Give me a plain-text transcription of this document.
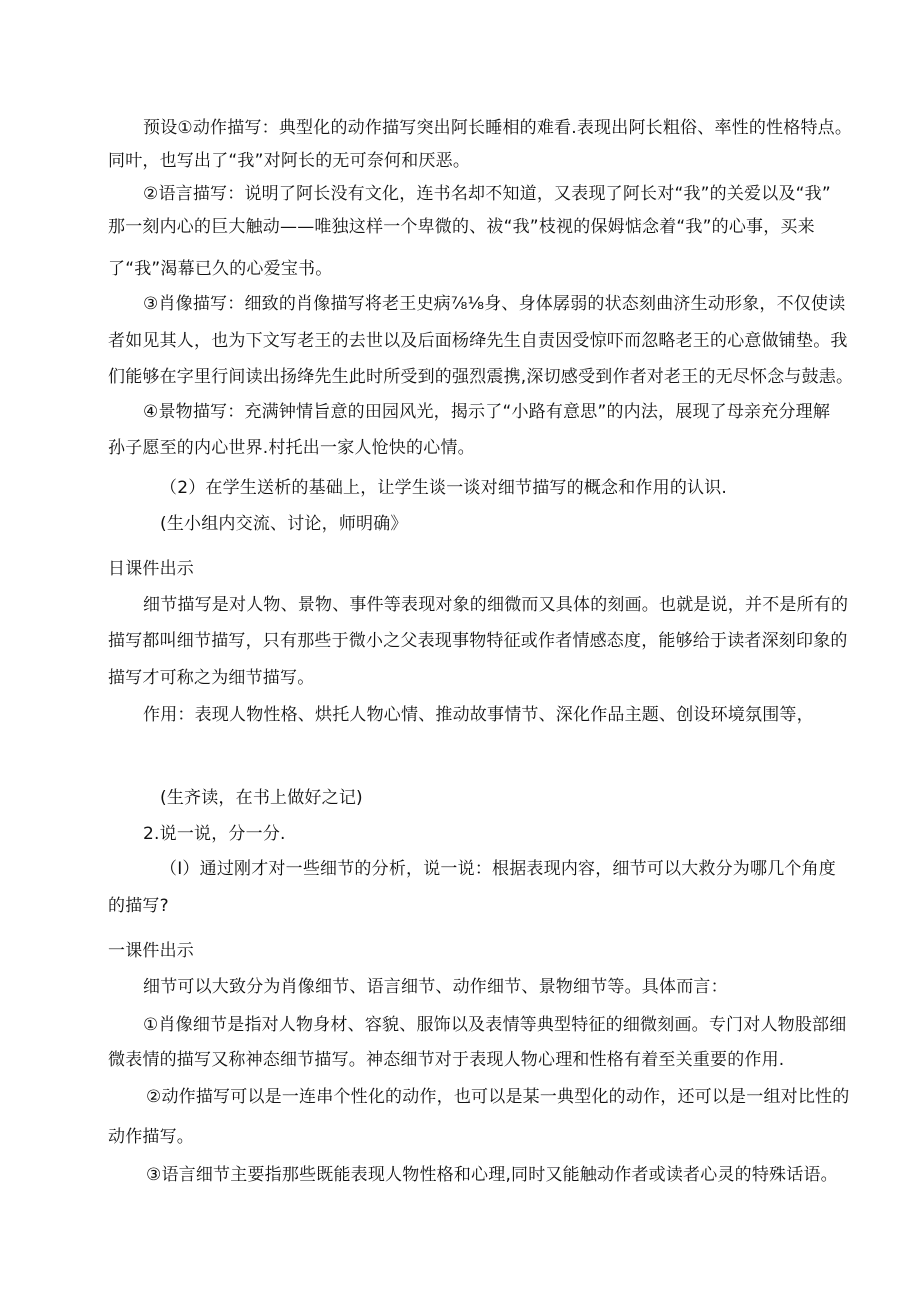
预设①动作描写：典型化的动作描写突出阿长睡相的难看.表现出阿长粗俗、率性的性格特点。
同叶，也写出了“我”对阿长的无可奈何和厌恶。
②语言描写：说明了阿长没有文化，连书名却不知道，又表现了阿长对“我”的关爱以及“我”
那一刻内心的巨大触动——唯独这样一个卑微的、祓“我”枝视的保姆惦念着“我”的心事，买来
了“我”渴幕已久的心爱宝书。
③肖像描写：细致的肖像描写将老王史病⅞⅛身、身体孱弱的状态刻曲济生动形象，不仅使读
者如见其人，也为下文写老王的去世以及后面杨绛先生自责因受惊吓而忽略老王的心意做铺垫。我
们能够在字里行间读出扬绛先生此时所受到的强烈震携,深切感受到作者对老王的无尽怀念与鼓恚。
④景物描写：充满钟情旨意的田园风光，揭示了“小路有意思”的内法，展现了母亲充分理解
孙子愿至的内心世界.村托出一家人怆快的心情。
（2）在学生送析的基础上，让学生谈一谈对细节描写的概念和作用的认识.
(生小组内交流、讨论，师明确》
日课件出示
细节描写是对人物、景物、事件等表现对象的细微而又具体的刻画。也就是说，并不是所有的
描写都叫细节描写，只有那些于微小之父表现事物特征或作者情感态度，能够给于读者深刻印象的
描写才可称之为细节描写。
作用：表现人物性格、烘托人物心情、推动故事情节、深化作品主题、创设环境氛围等，
(生齐读，在书上做好之记)
2.说一说，分一分.
（I）通过刚才对一些细节的分析，说一说：根据表现内容，细节可以大救分为哪几个角度
的描写?
一课件出示
细节可以大致分为肖像细节、语言细节、动作细节、景物细节等。具体而言：
①肖像细节是指对人物身材、容貌、服饰以及表情等典型特征的细微刻画。专门对人物股部细
微表情的描写又称神态细节描写。神态细节对于表现人物心理和性格有着至关重要的作用.
②动作描写可以是一连串个性化的动作，也可以是某一典型化的动作，还可以是一组对比性的
动作描写。
③语言细节主要指那些既能表现人物性格和心理,同时又能触动作者或读者心灵的特殊话语。
